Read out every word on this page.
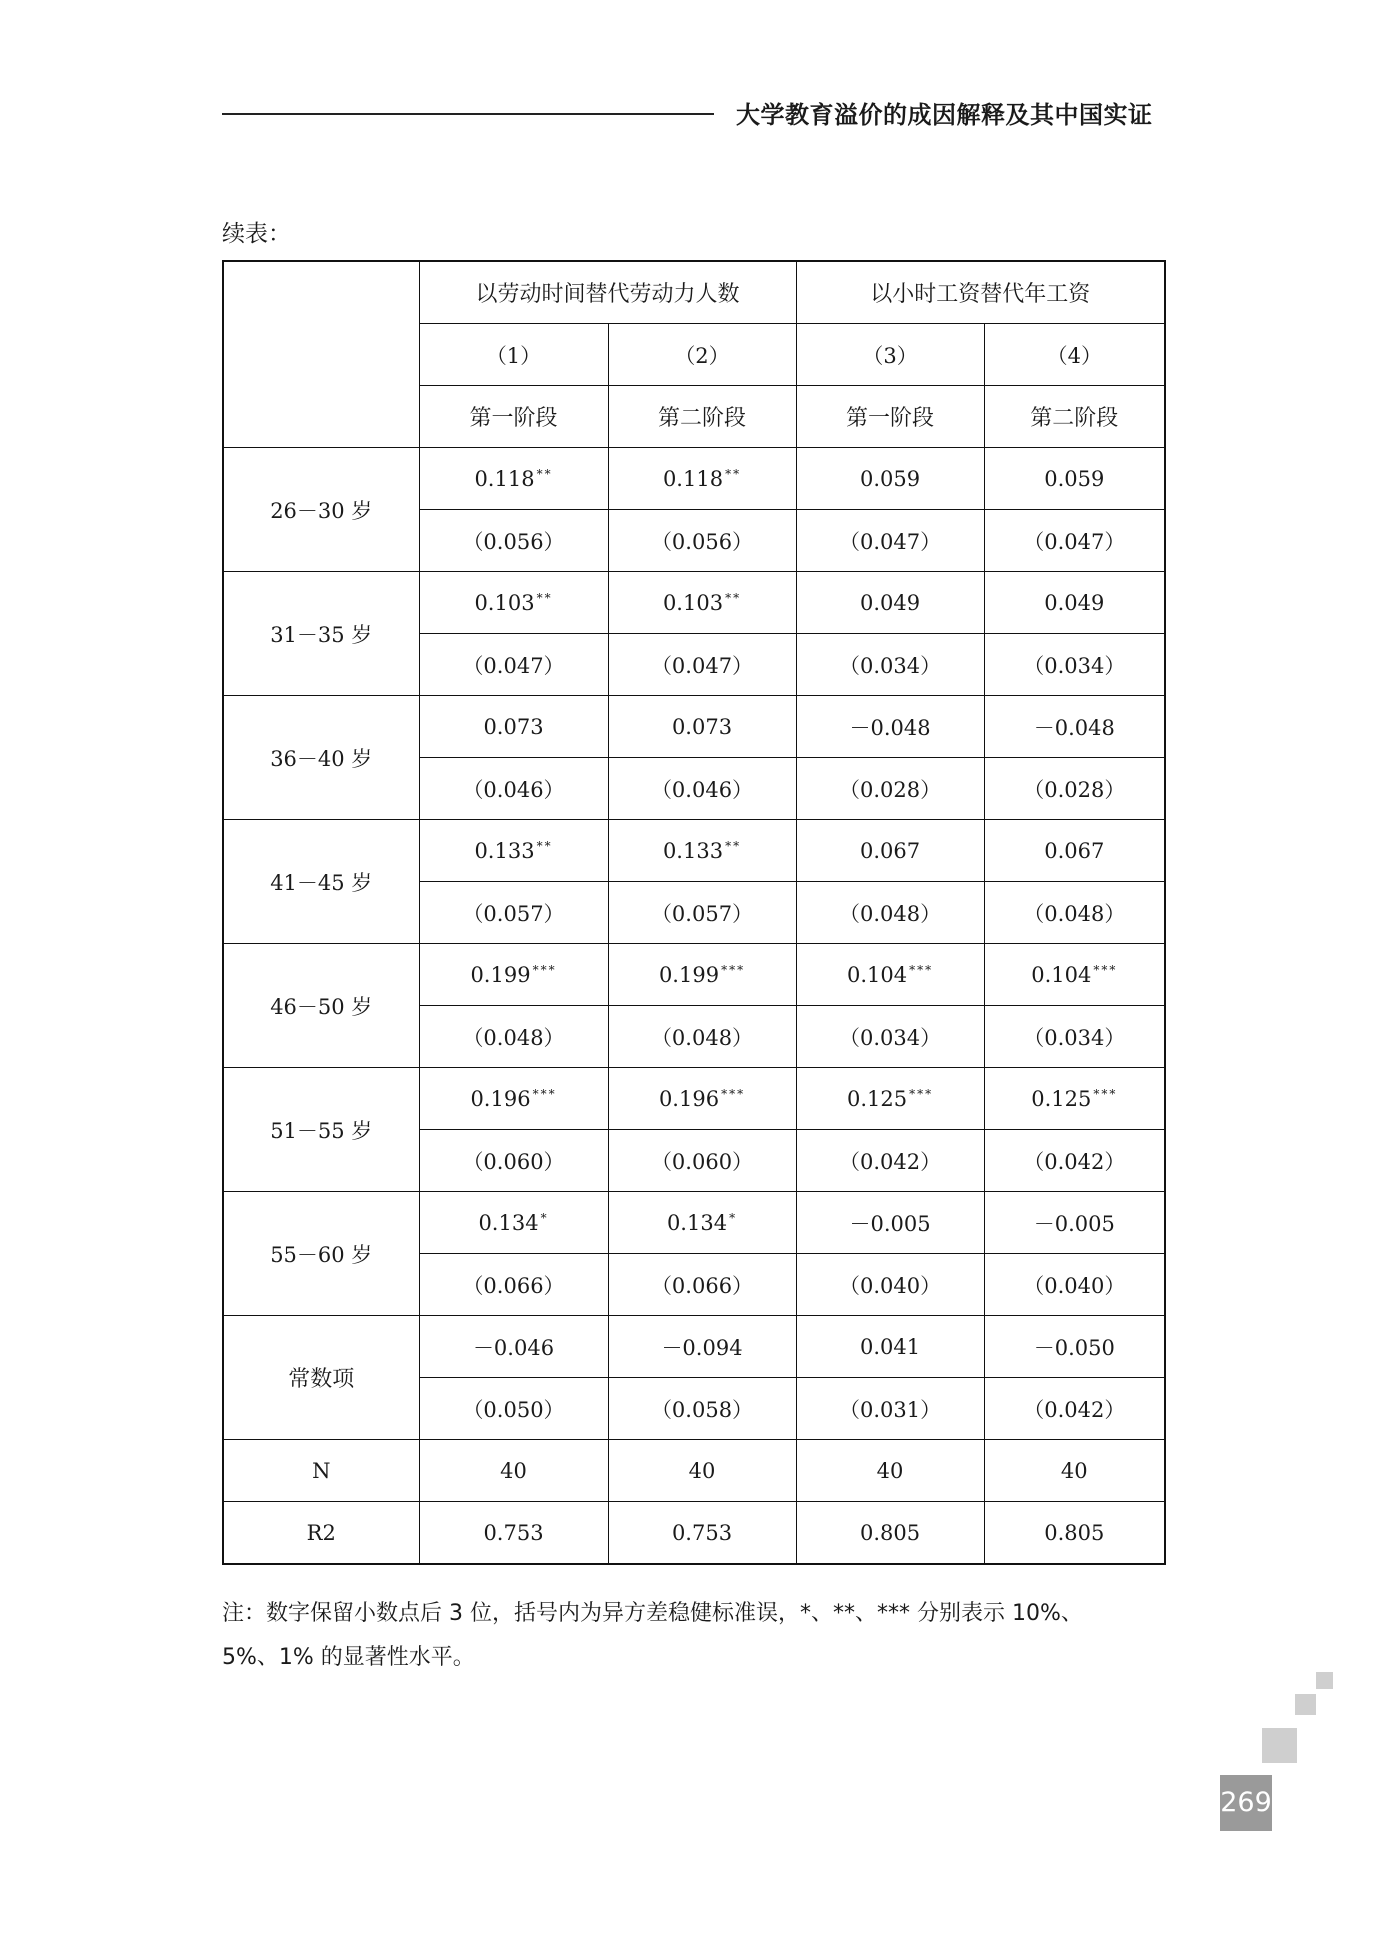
大学教育溢价的成因解释及其中国实证
续表：
	以劳动时间替代劳动力人数		以小时工资替代年工资	
	（1）	（2）	（3）	（4）
	第一阶段	第二阶段	第一阶段	第二阶段
26－30 岁	0.118 **	0.118 **	0.059	0.059
	（0.056）	（0.056）	（0.047）	（0.047）
31－35 岁	0.103 **	0.103 **	0.049	0.049
	（0.047）	（0.047）	（0.034）	（0.034）
36－40 岁	0.073	0.073	－0.048	－0.048
	（0.046）	（0.046）	（0.028）	（0.028）
41－45 岁	0.133 **	0.133 **	0.067	0.067
	（0.057）	（0.057）	（0.048）	（0.048）
46－50 岁	0.199 ***	0.199 ***	0.104 ***	0.104 ***
	（0.048）	（0.048）	（0.034）	（0.034）
51－55 岁	0.196 ***	0.196 ***	0.125 ***	0.125 ***
	（0.060）	（0.060）	（0.042）	（0.042）
55－60 岁	0.134 *	0.134 *	－0.005	－0.005
	（0.066）	（0.066）	（0.040）	（0.040）
常数项	－0.046	－0.094	0.041	－0.050
	（0.050）	（0.058）	（0.031）	（0.042）
N	40	40	40	40
R2	0.753	0.753	0.805	0.805
注：数字保留小数点后 3 位，括号内为异方差稳健标准误，*、**、*** 分别表示 10%、
5%、1% 的显著性水平。
269
